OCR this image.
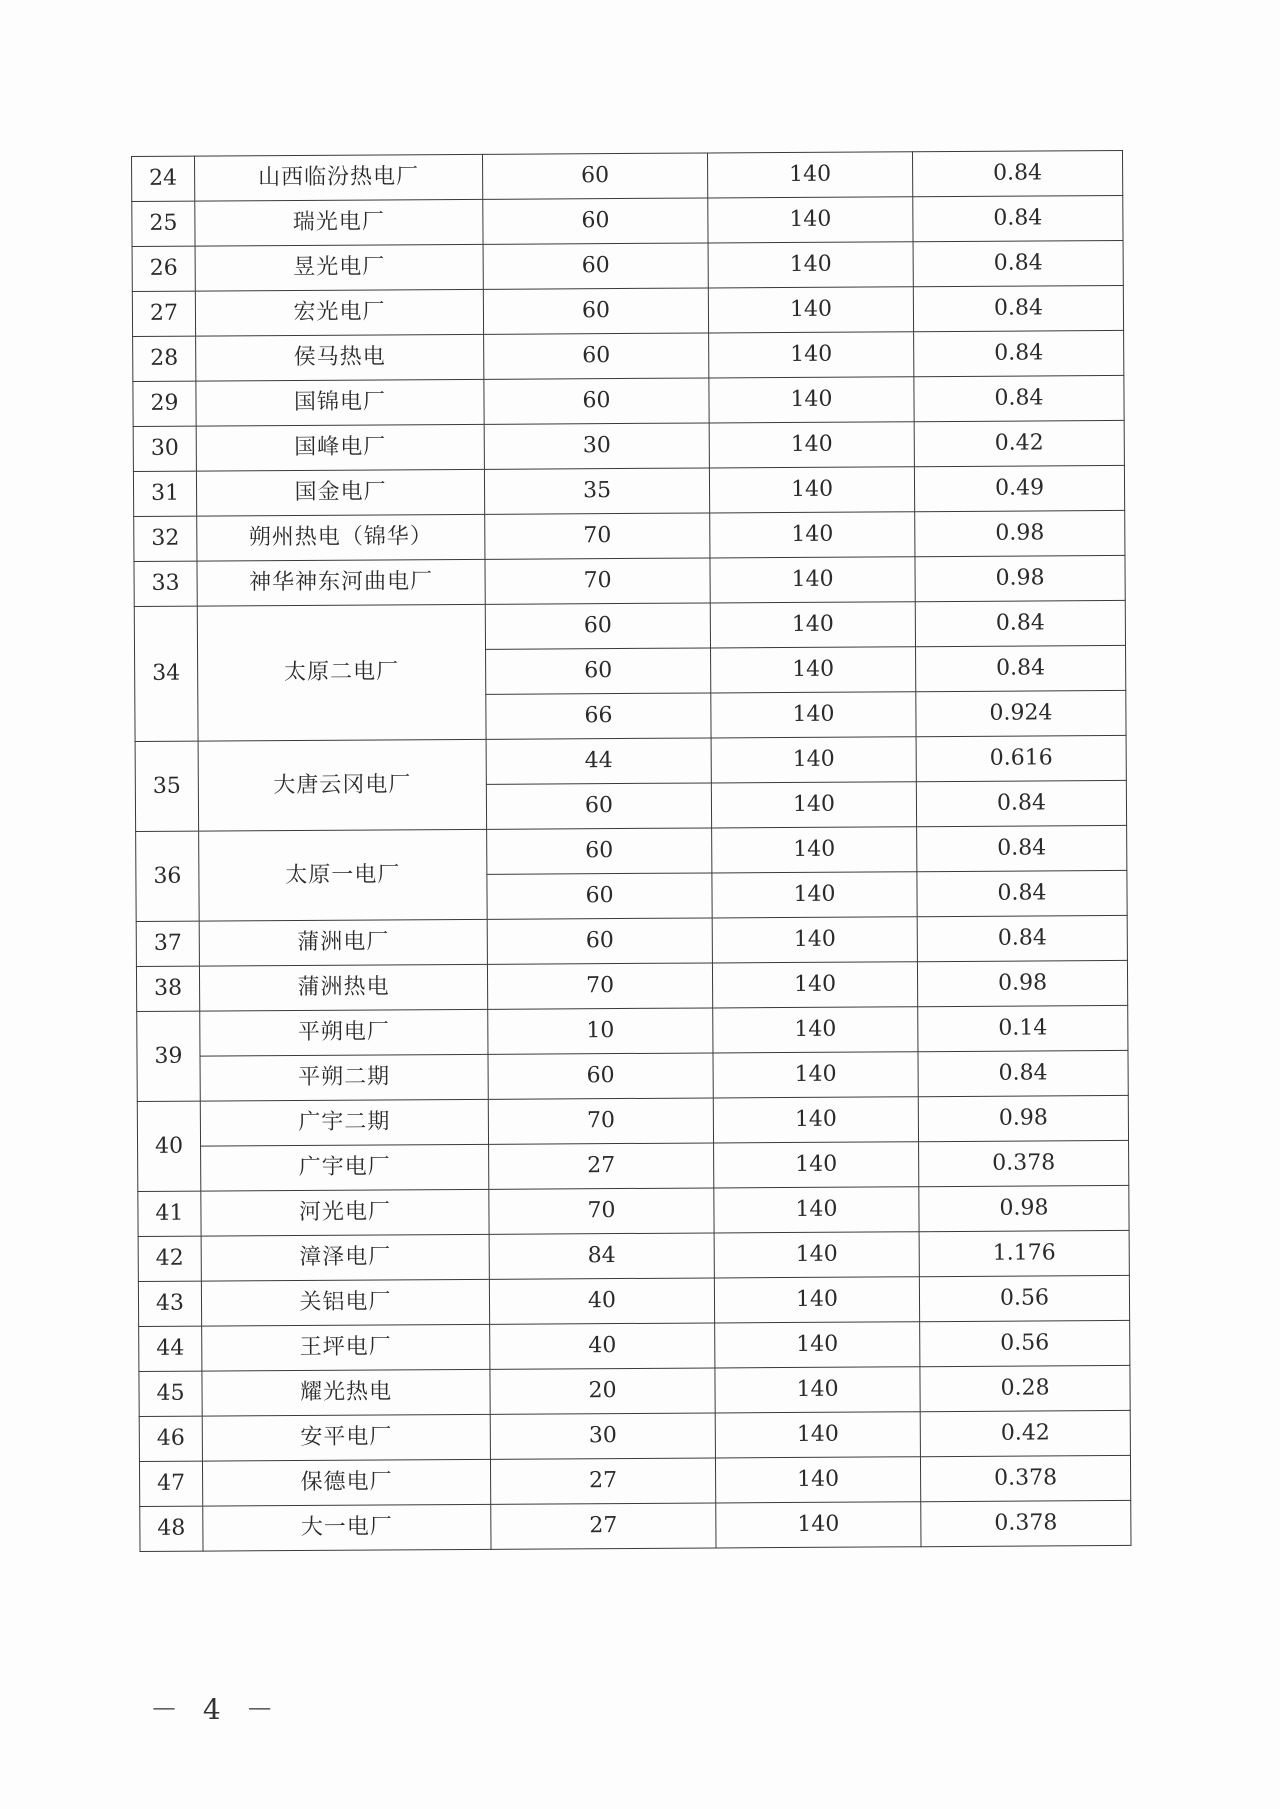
24	山西临汾热电厂	60	140	0.84
25	瑞光电厂	60	140	0.84
26	昱光电厂	60	140	0.84
27	宏光电厂	60	140	0.84
28	侯马热电	60	140	0.84
29	国锦电厂	60	140	0.84
30	国峰电厂	30	140	0.42
31	国金电厂	35	140	0.49
32	朔州热电（锦华）	70	140	0.98
33	神华神东河曲电厂	70	140	0.98
34	太原二电厂	60	140	0.84
		60	140	0.84
		66	140	0.924
35	大唐云冈电厂	44	140	0.616
		60	140	0.84
36	太原一电厂	60	140	0.84
		60	140	0.84
37	蒲洲电厂	60	140	0.84
38	蒲洲热电	70	140	0.98
39	平朔电厂	10	140	0.14
	平朔二期	60	140	0.84
40	广宇二期	70	140	0.98
	广宇电厂	27	140	0.378
41	河光电厂	70	140	0.98
42	漳泽电厂	84	140	1.176
43	关铝电厂	40	140	0.56
44	王坪电厂	40	140	0.56
45	耀光热电	20	140	0.28
46	安平电厂	30	140	0.42
47	保德电厂	27	140	0.378
48	大一电厂	27	140	0.378
－ 4 －
